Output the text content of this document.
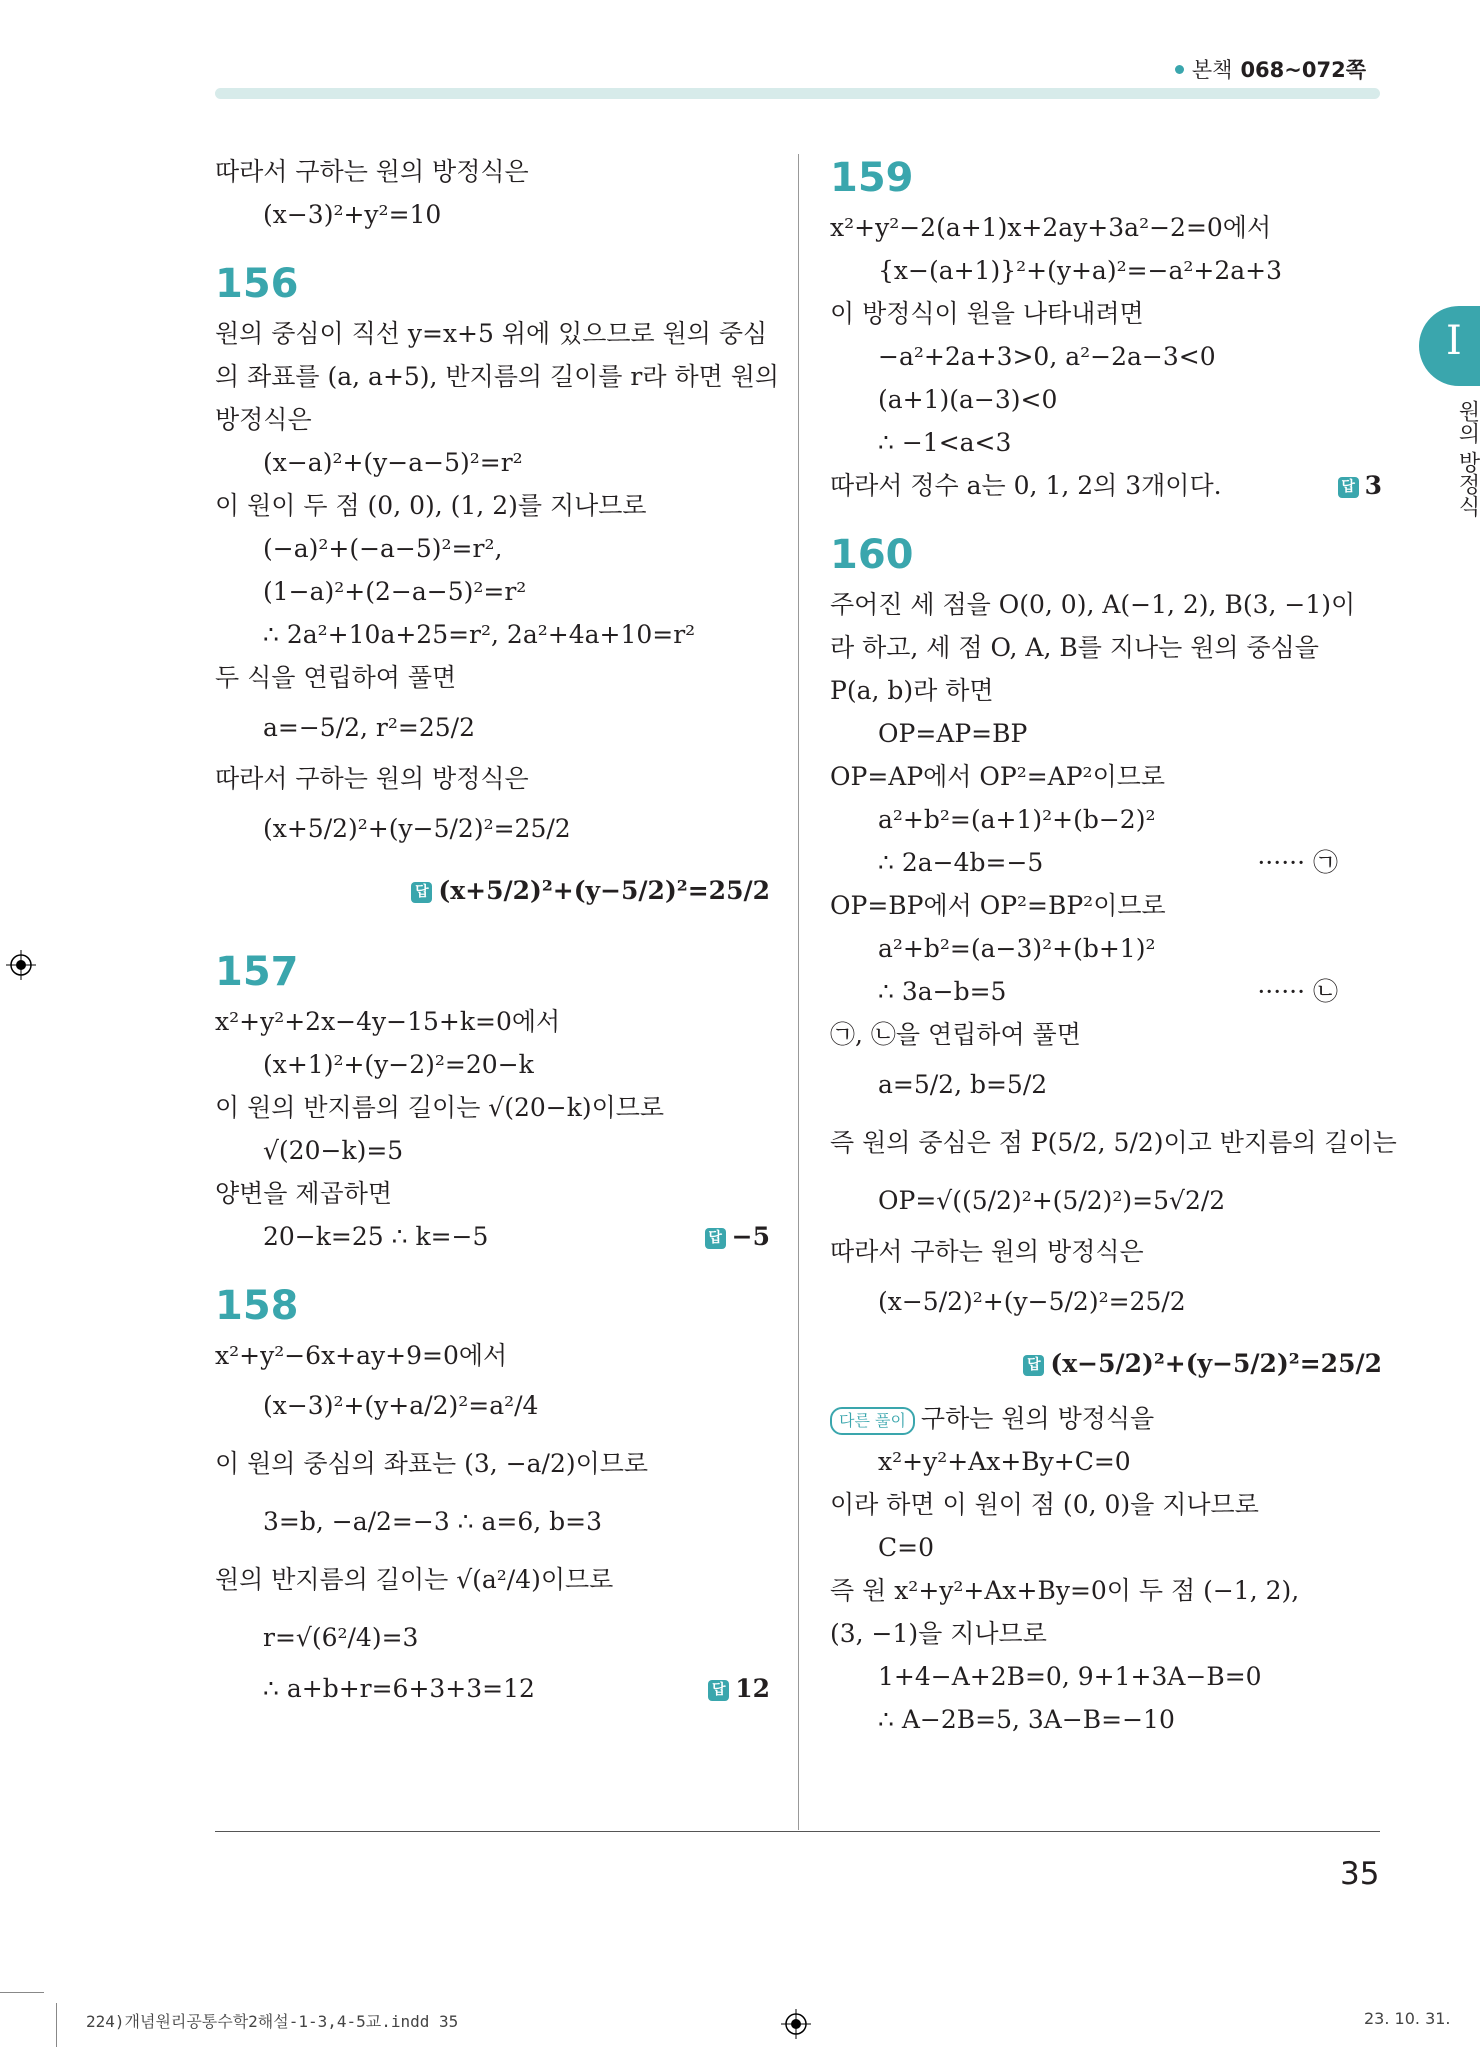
본책 068~072쪽
따라서 구하는 원의 방정식은
(x−3)²+y²=10
156
원의 중심이 직선 y=x+5 위에 있으므로 원의 중심
의 좌표를 (a, a+5), 반지름의 길이를 r라 하면 원의
방정식은
(x−a)²+(y−a−5)²=r²
이 원이 두 점 (0, 0), (1, 2)를 지나므로
(−a)²+(−a−5)²=r²,
(1−a)²+(2−a−5)²=r²
∴ 2a²+10a+25=r², 2a²+4a+10=r²
두 식을 연립하여 풀면
a=−5/2, r²=25/2
따라서 구하는 원의 방정식은
(x+5/2)²+(y−5/2)²=25/2
답 (x+5/2)²+(y−5/2)²=25/2
157
x²+y²+2x−4y−15+k=0에서
(x+1)²+(y−2)²=20−k
이 원의 반지름의 길이는 √(20−k)이므로
√(20−k)=5
양변을 제곱하면
20−k=25 ∴ k=−5	답 −5
158
x²+y²−6x+ay+9=0에서
(x−3)²+(y+a/2)²=a²/4
이 원의 중심의 좌표는 (3, −a/2)이므로
3=b, −a/2=−3 ∴ a=6, b=3
원의 반지름의 길이는 √(a²/4)이므로
r=√(6²/4)=3
∴ a+b+r=6+3+3=12	답 12
159
x²+y²−2(a+1)x+2ay+3a²−2=0에서
{x−(a+1)}²+(y+a)²=−a²+2a+3
이 방정식이 원을 나타내려면
−a²+2a+3>0, a²−2a−3<0
(a+1)(a−3)<0
∴ −1<a<3
따라서 정수 a는 0, 1, 2의 3개이다.	답 3
160
주어진 세 점을 O(0, 0), A(−1, 2), B(3, −1)이
라 하고, 세 점 O, A, B를 지나는 원의 중심을
P(a, b)라 하면
OP=AP=BP
OP=AP에서 OP²=AP²이므로
a²+b²=(a+1)²+(b−2)²
∴ 2a−4b=−5	······ ㉠
OP=BP에서 OP²=BP²이므로
a²+b²=(a−3)²+(b+1)²
∴ 3a−b=5	······ ㉡
㉠, ㉡을 연립하여 풀면
a=5/2, b=5/2
즉 원의 중심은 점 P(5/2, 5/2)이고 반지름의 길이는
OP=√((5/2)²+(5/2)²)=5√2/2
따라서 구하는 원의 방정식은
(x−5/2)²+(y−5/2)²=25/2
답 (x−5/2)²+(y−5/2)²=25/2
다른 풀이 구하는 원의 방정식을
x²+y²+Ax+By+C=0
이라 하면 이 원이 점 (0, 0)을 지나므로
C=0
즉 원 x²+y²+Ax+By=0이 두 점 (−1, 2),
(3, −1)을 지나므로
1+4−A+2B=0, 9+1+3A−B=0
∴ A−2B=5, 3A−B=−10
I
원의 방정식
35
224)개념원리공통수학2해설-1-3,4-5교.indd 35	23. 10. 31.
